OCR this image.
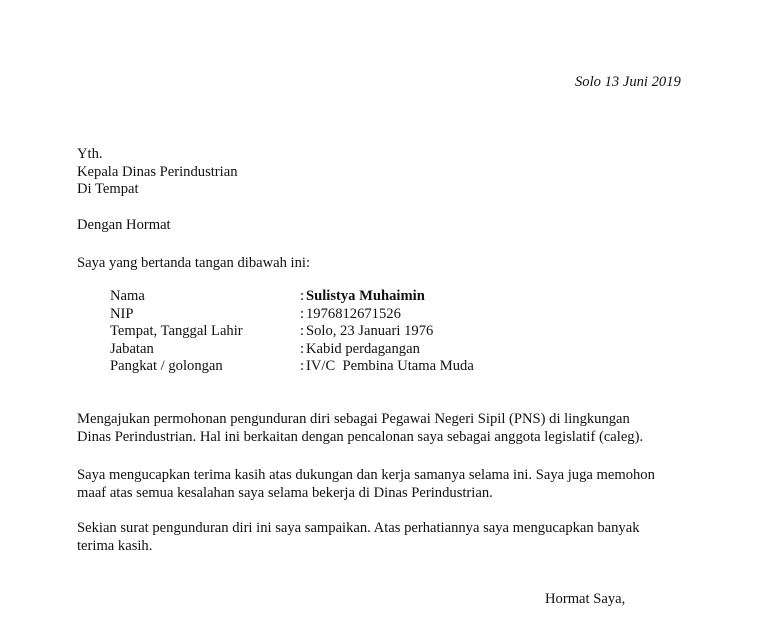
Solo 13 Juni 2019
Yth.
Kepala Dinas Perindustrian
Di Tempat
Dengan Hormat
Saya yang bertanda tangan dibawah ini:
Nama	: Sulistya Muhaimin
NIP	: 1976812671526
Tempat, Tanggal Lahir	: Solo, 23 Januari 1976
Jabatan	: Kabid perdagangan
Pangkat / golongan	: IV/C  Pembina Utama Muda
Mengajukan permohonan pengunduran diri sebagai Pegawai Negeri Sipil (PNS) di lingkungan
Dinas Perindustrian. Hal ini berkaitan dengan pencalonan saya sebagai anggota legislatif (caleg).
Saya mengucapkan terima kasih atas dukungan dan kerja samanya selama ini. Saya juga memohon
maaf atas semua kesalahan saya selama bekerja di Dinas Perindustrian.
Sekian surat pengunduran diri ini saya sampaikan. Atas perhatiannya saya mengucapkan banyak
terima kasih.
Hormat Saya,
